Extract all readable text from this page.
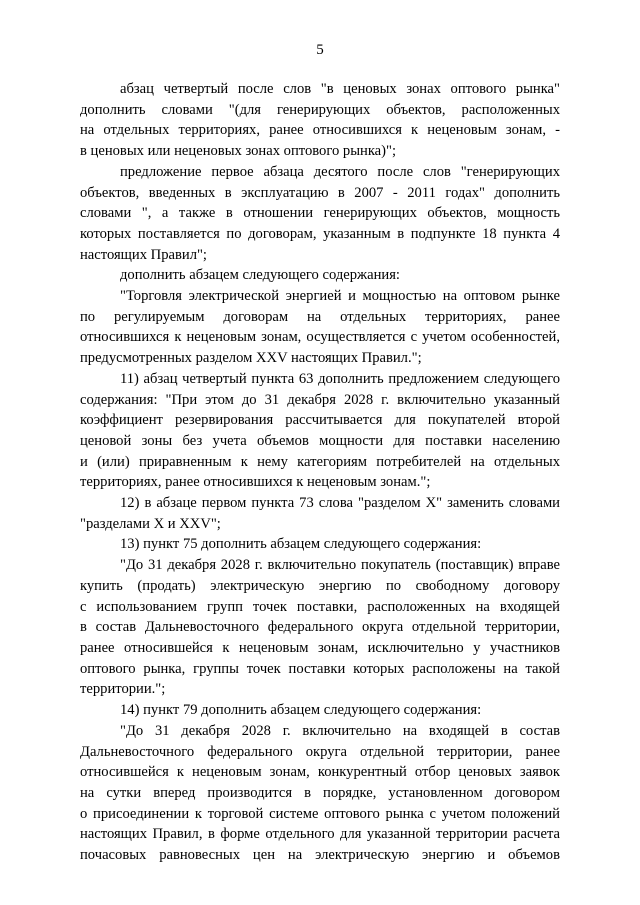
5
абзац четвертый после слов "в ценовых зонах оптового рынка"
дополнить словами "(для генерирующих объектов, расположенных
на отдельных территориях, ранее относившихся к неценовым зонам, -
в ценовых или неценовых зонах оптового рынка)";
предложение первое абзаца десятого после слов "генерирующих
объектов, введенных в эксплуатацию в 2007 - 2011 годах" дополнить
словами ", а также в отношении генерирующих объектов, мощность
которых поставляется по договорам, указанным в подпункте 18 пункта 4
настоящих Правил";
дополнить абзацем следующего содержания:
"Торговля электрической энергией и мощностью на оптовом рынке
по регулируемым договорам на отдельных территориях, ранее
относившихся к неценовым зонам, осуществляется с учетом особенностей,
предусмотренных разделом XXV настоящих Правил.";
11) абзац четвертый пункта 63 дополнить предложением следующего
содержания: "При этом до 31 декабря 2028 г. включительно указанный
коэффициент резервирования рассчитывается для покупателей второй
ценовой зоны без учета объемов мощности для поставки населению
и (или) приравненным к нему категориям потребителей на отдельных
территориях, ранее относившихся к неценовым зонам.";
12) в абзаце первом пункта 73 слова "разделом X" заменить словами
"разделами X и XXV";
13) пункт 75 дополнить абзацем следующего содержания:
"До 31 декабря 2028 г. включительно покупатель (поставщик) вправе
купить (продать) электрическую энергию по свободному договору
с использованием групп точек поставки, расположенных на входящей
в состав Дальневосточного федерального округа отдельной территории,
ранее относившейся к неценовым зонам, исключительно у участников
оптового рынка, группы точек поставки которых расположены на такой
территории.";
14) пункт 79 дополнить абзацем следующего содержания:
"До 31 декабря 2028 г. включительно на входящей в состав
Дальневосточного федерального округа отдельной территории, ранее
относившейся к неценовым зонам, конкурентный отбор ценовых заявок
на сутки вперед производится в порядке, установленном договором
о присоединении к торговой системе оптового рынка с учетом положений
настоящих Правил, в форме отдельного для указанной территории расчета
почасовых равновесных цен на электрическую энергию и объемов
